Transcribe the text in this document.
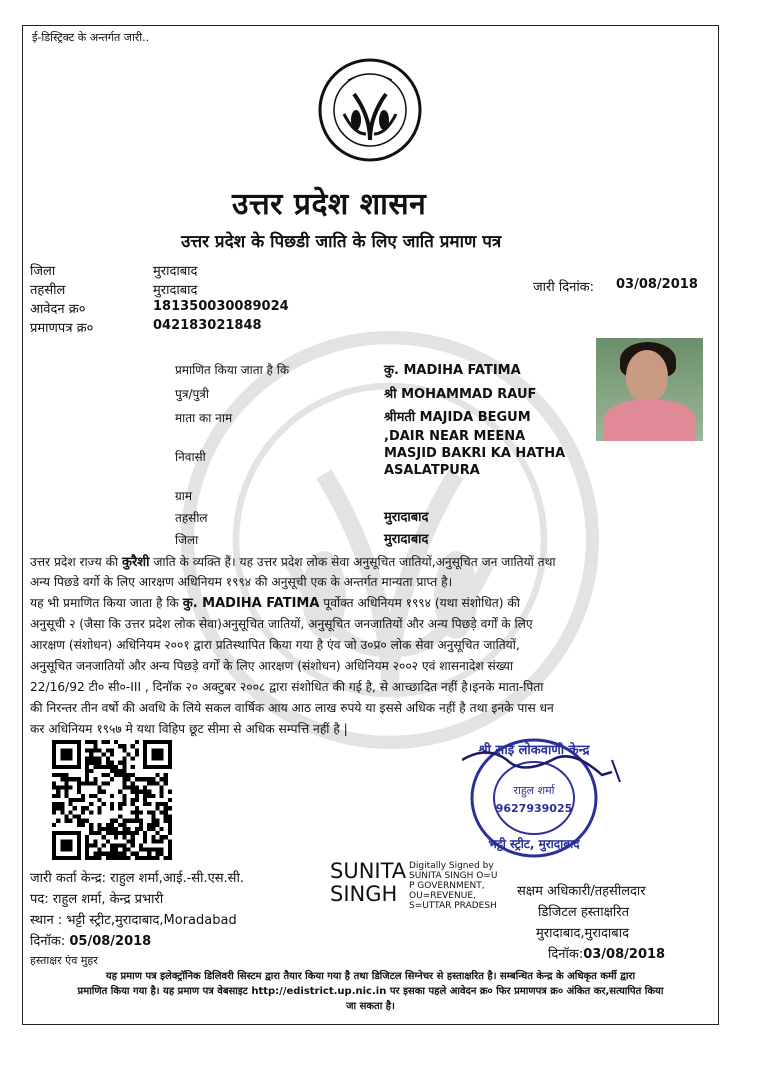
ई-डिस्ट्रिक्ट के अन्तर्गत जारी..
उत्तर प्रदेश शासन
उत्तर प्रदेश के पिछडी जाति के लिए जाति प्रमाण पत्र
जिला	मुरादाबाद
तहसील	मुरादाबाद
आवेदन क्र०	181350030089024
प्रमाणपत्र क्र०	042183021848
जारी दिनांक: 03/08/2018
प्रमाणित किया जाता है कि	कु. MADIHA FATIMA
पुत्र/पुत्री	श्री MOHAMMAD RAUF
माता का नाम	श्रीमती MAJIDA BEGUM
,DAIR NEAR MEENA
निवासी	MASJID BAKRI KA HATHA
ASALATPURA
ग्राम
तहसील	मुरादाबाद
जिला	मुरादाबाद
उत्तर प्रदेश राज्य की कुरैशी जाति के व्यक्ति हैं। यह उत्तर प्रदेश लोक सेवा अनुसूचित जातियों,अनुसूचित जन जातियों तथा
अन्य पिछडे वर्गो के लिए आरक्षण अधिनियम १९९४ की अनुसूची एक के अन्तर्गत मान्यता प्राप्त है।
यह भी प्रमाणित किया जाता है कि कु. MADIHA FATIMA पूर्वोक्त अधिनियम १९९४ (यथा संशोधित) की
अनुसूची २ (जैसा कि उत्तर प्रदेश लोक सेवा)अनुसूचित जातियों, अनुसूचित जनजातियों और अन्य पिछड़े वर्गों के लिए
आरक्षण (संशोधन) अधिनियम २००१ द्वारा प्रतिस्थापित किया गया है एंव जो उ०प्र० लोक सेवा अनुसूचित जातियों,
अनुसूचित जनजातियों और अन्य पिछड़े वर्गों के लिए आरक्षण (संशोधन) अधिनियम २००२ एवं शासनादेश संख्या
22/16/92 टी० सी०-III , दिनॉक २० अक्टुबर २००८ द्वारा संशोधित की गई है, से आच्छादित नहीं है।इनके माता-पिता
की निरन्तर तीन वर्षो की अवधि के लिये सकल वार्षिक आय आठ लाख रुपये या इससे अधिक नहीं है तथा इनके पास धन
कर अधिनियम १९५७ मे यथा विहिप छूट सीमा से अधिक सम्पत्ति नहीं है |
श्री साई लोकवाणी केन्द्र
राहुल शर्मा
9627939025
भट्टी स्ट्रीट, मुरादाबाद
जारी कर्ता केन्द्र: राहुल शर्मा,आई.-सी.एस.सी.
पद: राहुल शर्मा, केन्द्र प्रभारी
स्थान : भट्टी स्ट्रीट,मुरादाबाद,Moradabad
दिनॉक: 05/08/2018
हस्ताक्षर एंव मुहर
SUNITA
SINGH
Digitally Signed by
SUNITA SINGH O=U
P GOVERNMENT,
OU=REVENUE,
S=UTTAR PRADESH
सक्षम अधिकारी/तहसीलदार
डिजिटल हस्ताक्षरित
मुरादाबाद,मुरादाबाद
दिनॉक:03/08/2018
यह प्रमाण पत्र इलेक्ट्रॉनिक डिलिवरी सिस्टम द्वारा तैयार किया गया है तथा डिजिटल सिग्नेचर से हस्ताक्षरित है। सम्बन्धित केन्द्र के अधिकृत कर्मी द्वारा
प्रमाणित किया गया है। यह प्रमाण पत्र वेबसाइट http://edistrict.up.nic.in पर इसका पहले आवेदन क्र० फिर प्रमाणपत्र क्र० अंकित कर,सत्यापित किया
जा सकता है।
